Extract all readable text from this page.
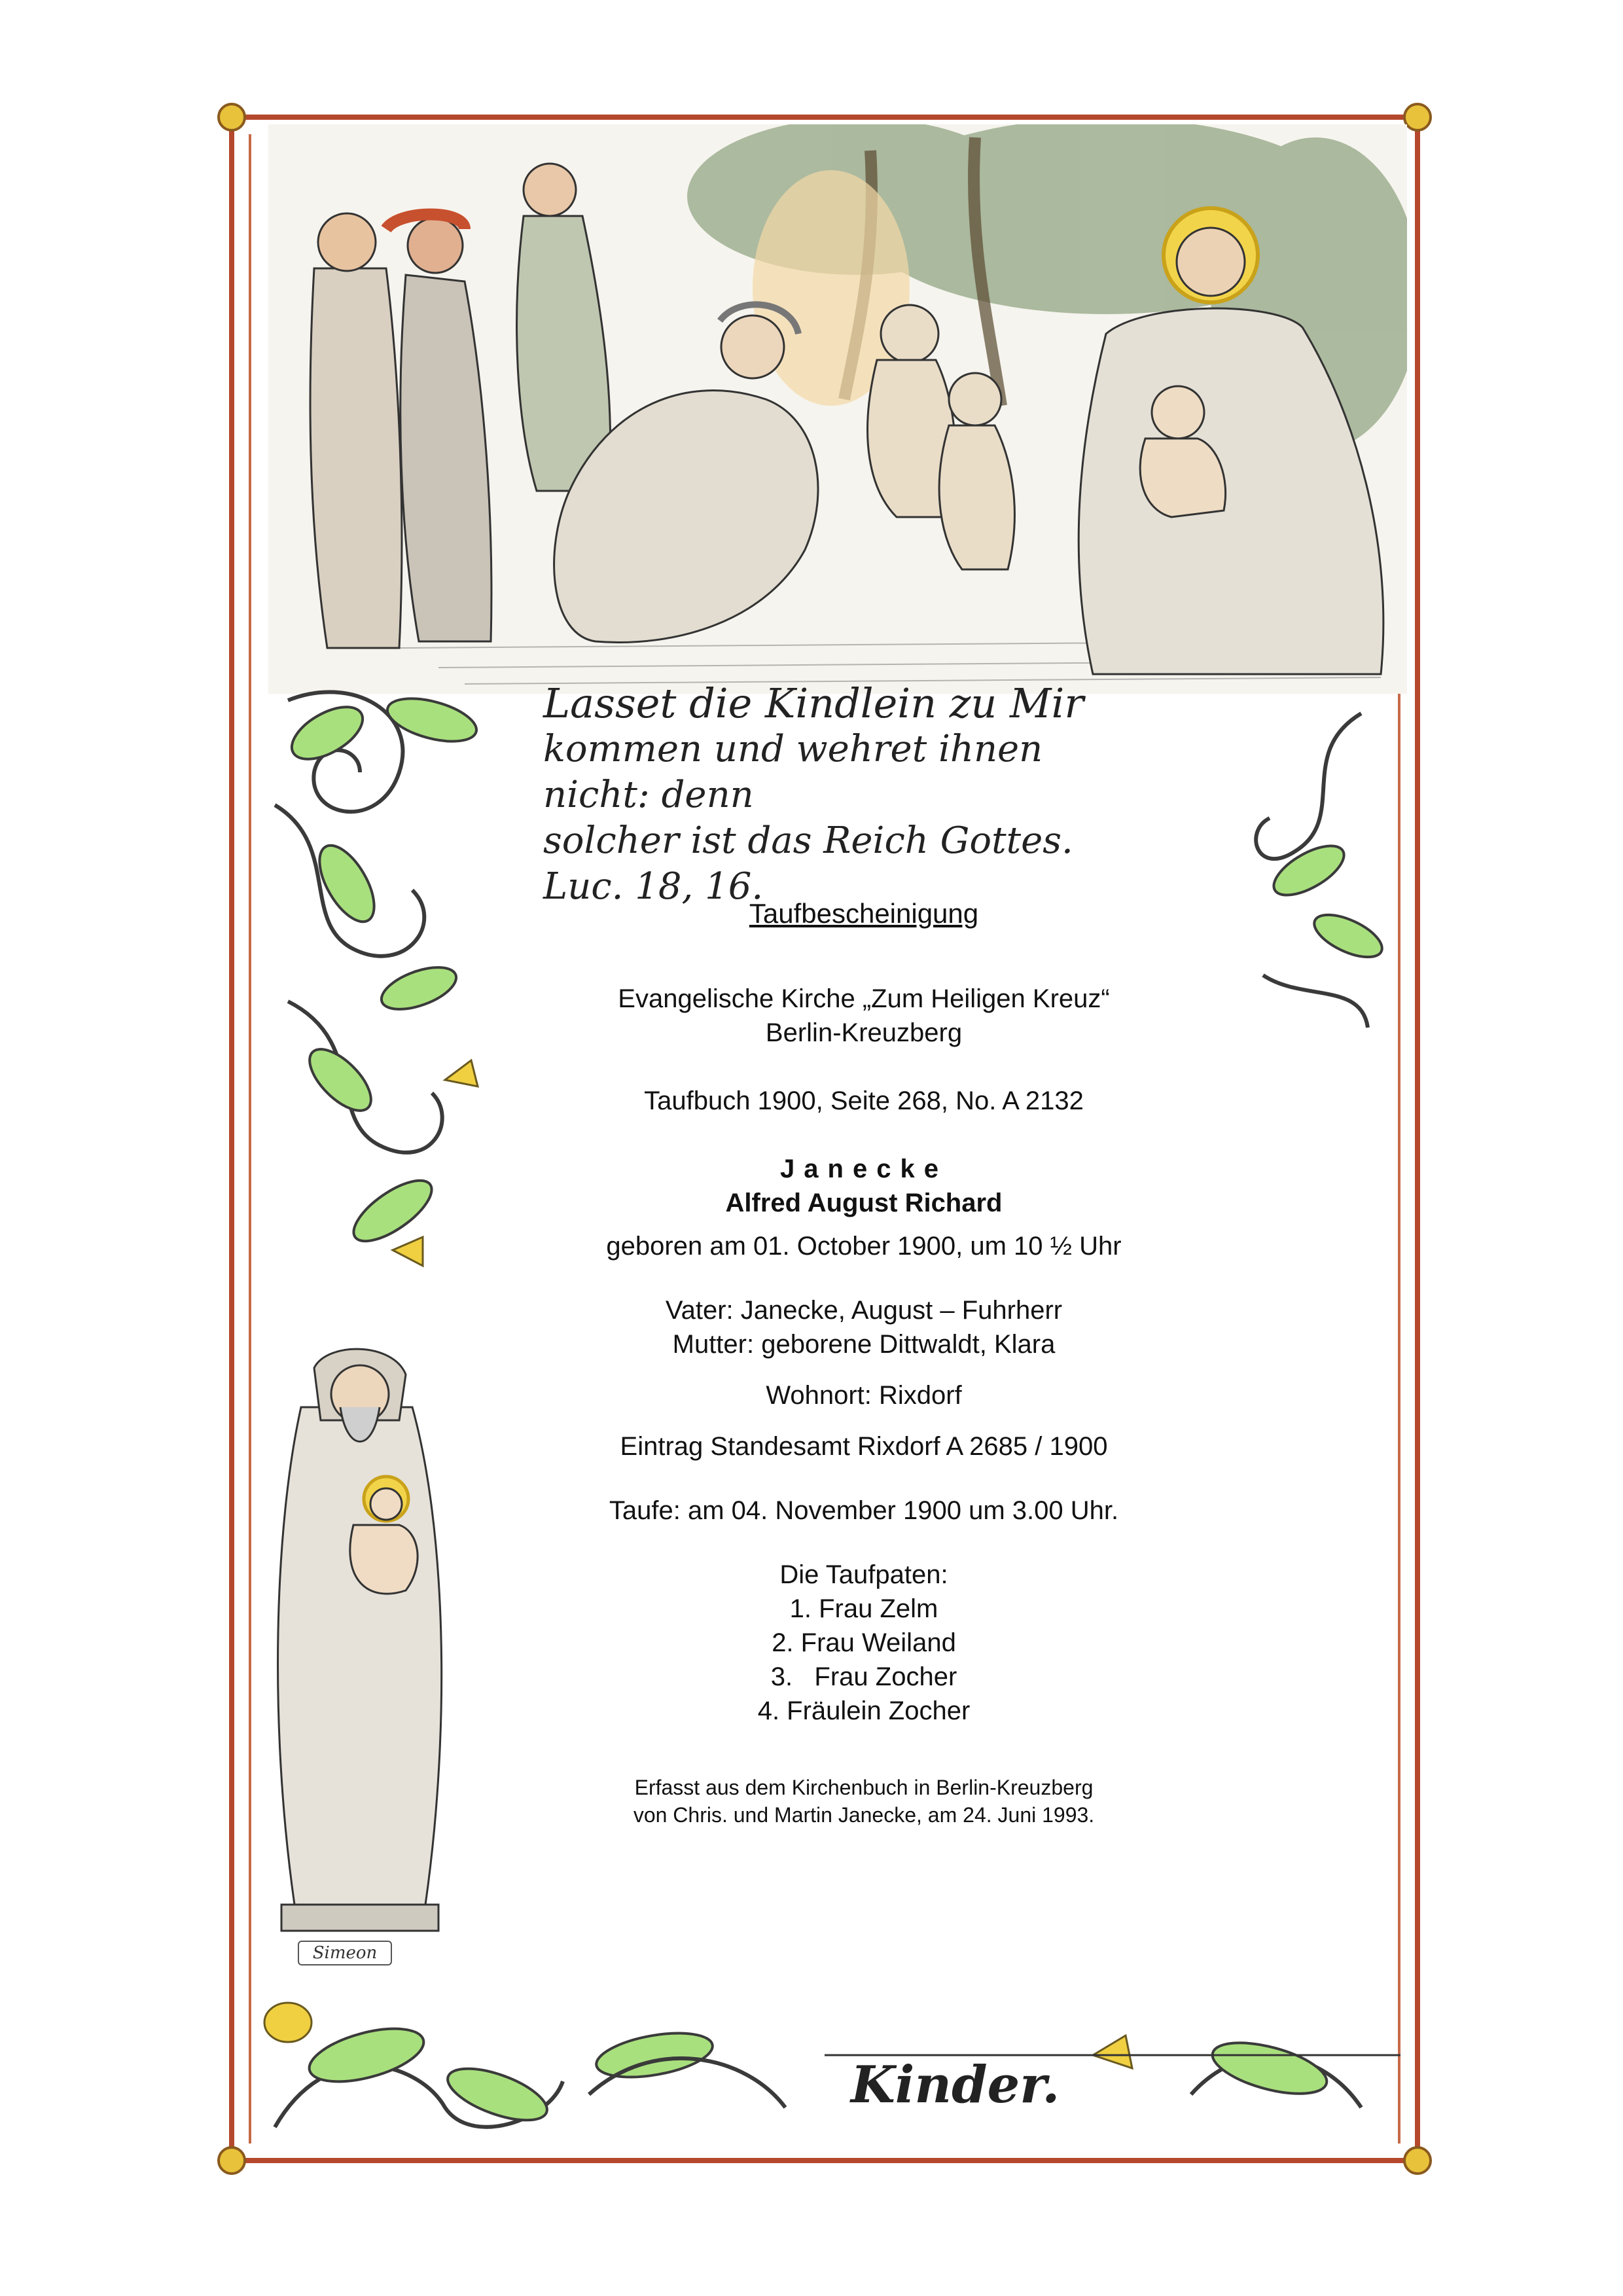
Simeon
Lasset die Kindlein zu Mir
kommen und wehret ihnen nicht: denn
solcher ist das Reich Gottes. Luc. 18, 16.
Taufbescheinigung
Evangelische Kirche „Zum Heiligen Kreuz“
Berlin-Kreuzberg
Taufbuch 1900, Seite 268, No. A 2132
Janecke
Alfred August Richard
geboren am 01. October 1900, um 10 ½ Uhr
Vater: Janecke, August – Fuhrherr
Mutter: geborene Dittwaldt, Klara
Wohnort: Rixdorf
Eintrag Standesamt Rixdorf A 2685 / 1900
Taufe: am 04. November 1900 um 3.00 Uhr.
Die Taufpaten:
1. Frau Zelm
2. Frau Weiland
3.   Frau Zocher
4. Fräulein Zocher
Erfasst aus dem Kirchenbuch in Berlin-Kreuzberg
von Chris. und Martin Janecke, am 24. Juni 1993.
Kinder.
